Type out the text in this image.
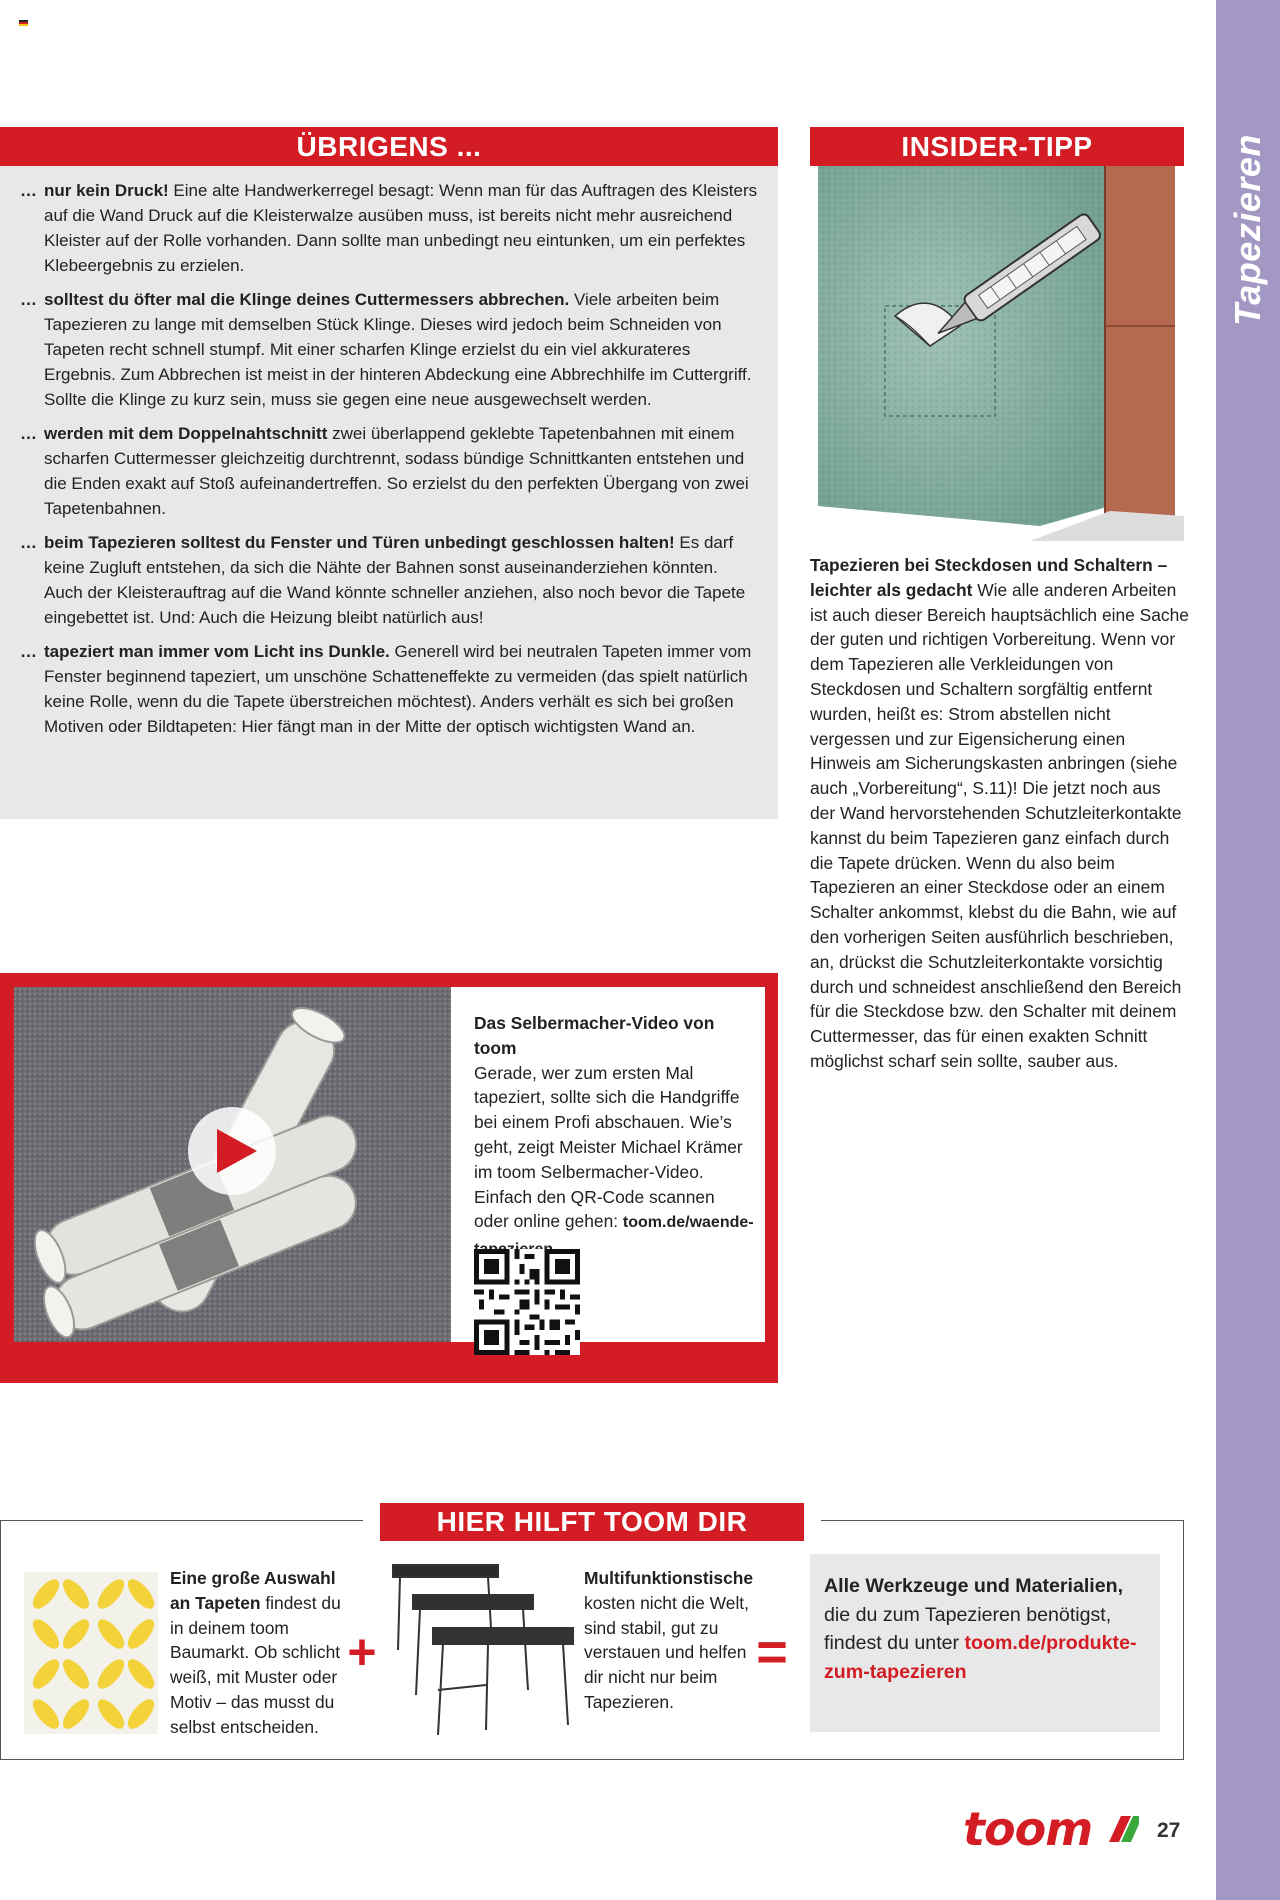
Tapezieren
ÜBRIGENS ...

… nur kein Druck! Eine alte Handwerkerregel besagt: Wenn man für das Auftragen des Kleisters auf die Wand Druck auf die Kleisterwalze ausüben muss, ist bereits nicht mehr ausreichend Kleister auf der Rolle vorhanden. Dann sollte man unbedingt neu eintunken, um ein perfektes Klebeergebnis zu erzielen.

… solltest du öfter mal die Klinge deines Cuttermessers abbrechen. Viele arbeiten beim Tapezieren zu lange mit demselben Stück Klinge. Dieses wird jedoch beim Schneiden von Tapeten recht schnell stumpf. Mit einer scharfen Klinge erzielst du ein viel akkurateres Ergebnis. Zum Abbrechen ist meist in der hinteren Abdeckung eine Abbrechhilfe im Cuttergriff. Sollte die Klinge zu kurz sein, muss sie gegen eine neue ausgewechselt werden.

… werden mit dem Doppelnahtschnitt zwei überlappend geklebte Tapetenbahnen mit einem scharfen Cuttermesser gleichzeitig durchtrennt, sodass bündige Schnittkanten entstehen und die Enden exakt auf Stoß aufeinandertreffen. So erzielst du den perfekten Übergang von zwei Tapetenbahnen.

… beim Tapezieren solltest du Fenster und Türen unbedingt geschlossen halten! Es darf keine Zugluft entstehen, da sich die Nähte der Bahnen sonst auseinanderziehen könnten. Auch der Kleisterauftrag auf die Wand könnte schneller anziehen, also noch bevor die Tapete eingebettet ist. Und: Auch die Heizung bleibt natürlich aus!

… tapeziert man immer vom Licht ins Dunkle. Generell wird bei neutralen Tapeten immer vom Fenster beginnend tapeziert, um unschöne Schatteneffekte zu vermeiden (das spielt natürlich keine Rolle, wenn du die Tapete überstreichen möchtest). Anders verhält es sich bei großen Motiven oder Bildtapeten: Hier fängt man in der Mitte der optisch wichtigsten Wand an.

INSIDER-TIPP
Tapezieren bei Steckdosen und Schaltern – leichter als gedacht Wie alle anderen Arbeiten ist auch dieser Bereich hauptsächlich eine Sache der guten und richtigen Vorbereitung. Wenn vor dem Tapezieren alle Verkleidungen von Steckdosen und Schaltern sorgfältig entfernt wurden, heißt es: Strom abstellen nicht vergessen und zur Eigensicherung einen Hinweis am Sicherungskasten anbringen (siehe auch „Vorbereitung“, S.11)! Die jetzt noch aus der Wand hervorstehenden Schutzleiterkontakte kannst du beim Tapezieren ganz einfach durch die Tapete drücken. Wenn du also beim Tapezieren an einer Steckdose oder an einem Schalter ankommst, klebst du die Bahn, wie auf den vorherigen Seiten ausführlich beschrieben, an, drückst die Schutzleiterkontakte vorsichtig durch und schneidest anschließend den Bereich für die Steckdose bzw. den Schalter mit deinem Cuttermesser, das für einen exakten Schnitt möglichst scharf sein sollte, sauber aus.
Das Selbermacher-Video von toom
Gerade, wer zum ersten Mal tapeziert, sollte sich die Handgriffe bei einem Profi abschauen. Wie’s geht, zeigt Meister Michael Krämer im toom Selbermacher-Video. Einfach den QR-Code scannen oder online gehen: toom.de/waende-
HIER HILFT TOOM DIR WEITER:
Eine große Auswahl an Tapeten findest du in deinem toom Baumarkt. Ob schlicht weiß, mit Muster oder Motiv – das musst du selbst entscheiden.
+
Multifunktionstische kosten nicht die Welt, sind stabil, gut zu verstauen und helfen dir nicht nur beim Tapezieren.
=
Alle Werkzeuge und Materialien, die du zum Tapezieren benötigst, findest du unter toom.de/produkte-zum-tapezieren
toom	27
